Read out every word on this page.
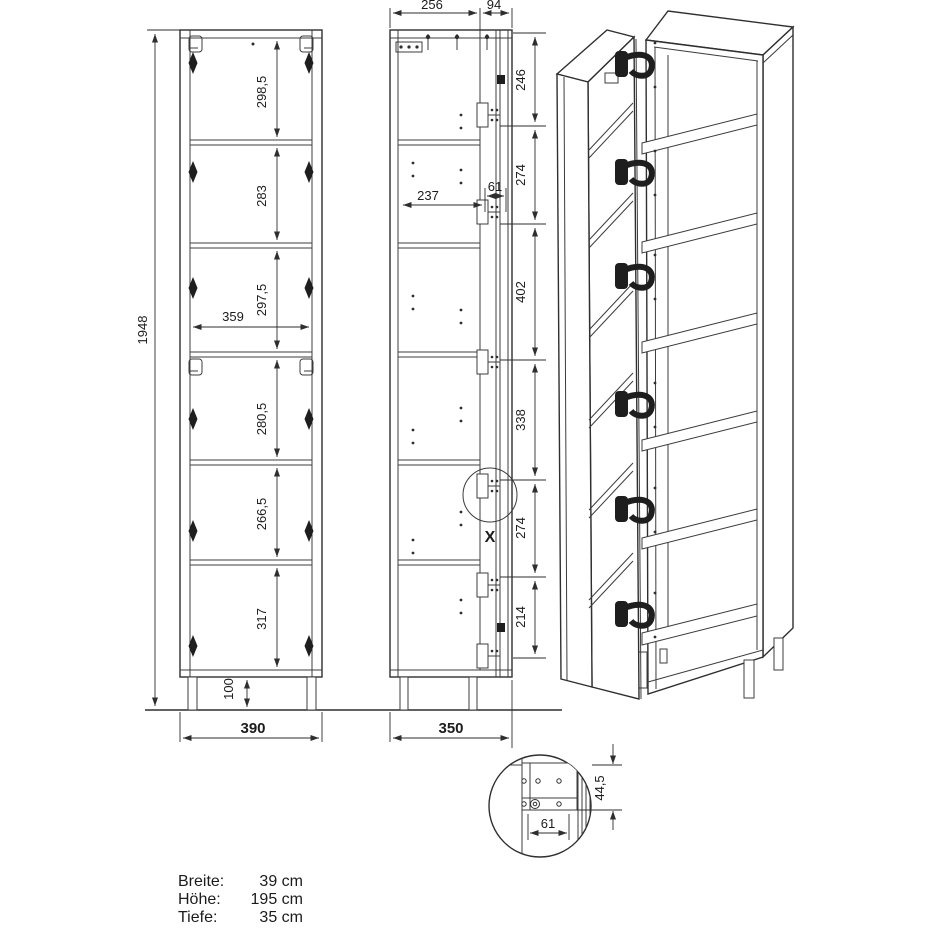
1948
298,5
283
297,5
280,5
266,5
317
359
100
390
X
256	94
237
61
246
274
402
338
274
214
350
61
44,5
Breite: 39 cm
Höhe: 195 cm
Tiefe:	35 cm
